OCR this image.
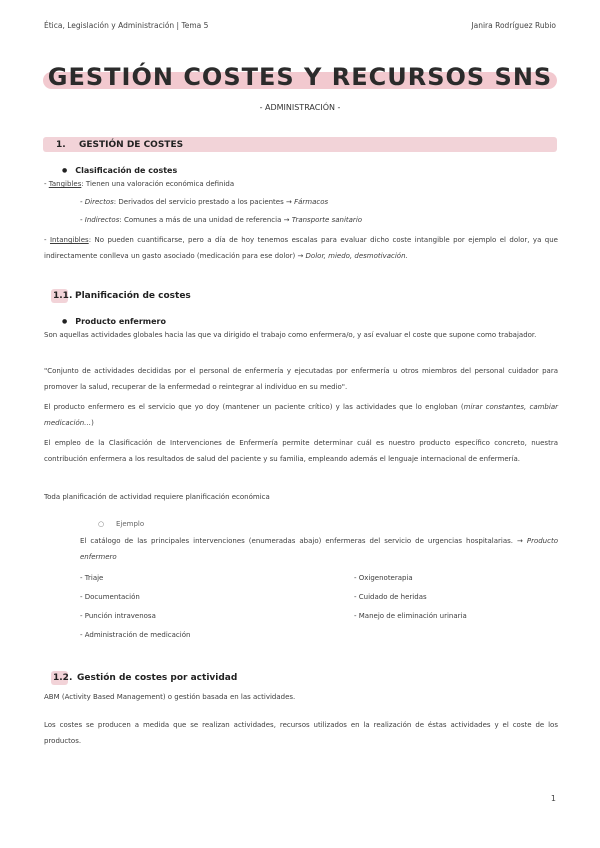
Ética, Legislación y Administración | Tema 5	Janira Rodríguez Rubio
GESTIÓN COSTES Y RECURSOS SNS
- ADMINISTRACIÓN -
1. GESTIÓN DE COSTES
● Clasificación de costes
- Tangibles: Tienen una valoración económica definida
- Directos: Derivados del servicio prestado a los pacientes → Fármacos
- Indirectos: Comunes a más de una unidad de referencia → Transporte sanitario
- Intangibles: No pueden cuantificarse, pero a día de hoy tenemos escalas para evaluar dicho coste intangible por ejemplo el dolor, ya que indirectamente conlleva un gasto asociado (medicación para ese dolor) → Dolor, miedo, desmotivación.
1.1. Planificación de costes
● Producto enfermero
Son aquellas actividades globales hacia las que va dirigido el trabajo como enfermera/o, y así evaluar el coste que supone como trabajador.
"Conjunto de actividades decididas por el personal de enfermería y ejecutadas por enfermería u otros miembros del personal cuidador para promover la salud, recuperar de la enfermedad o reintegrar al individuo en su medio".
El producto enfermero es el servicio que yo doy (mantener un paciente crítico) y las actividades que lo engloban (mirar constantes, cambiar medicación…)
El empleo de la Clasificación de Intervenciones de Enfermería permite determinar cuál es nuestro producto específico concreto, nuestra contribución enfermera a los resultados de salud del paciente y su familia, empleando además el lenguaje internacional de enfermería.
Toda planificación de actividad requiere planificación económica
○ Ejemplo
El catálogo de las principales intervenciones (enumeradas abajo) enfermeras del servicio de urgencias hospitalarias. → Producto enfermero
- Triaje
- Documentación
- Punción intravenosa
- Administración de medicación
- Oxigenoterapia
- Cuidado de heridas
- Manejo de eliminación urinaria
1.2. Gestión de costes por actividad
ABM (Activity Based Management) o gestión basada en las actividades.
Los costes se producen a medida que se realizan actividades, recursos utilizados en la realización de éstas actividades y el coste de los productos.
1
